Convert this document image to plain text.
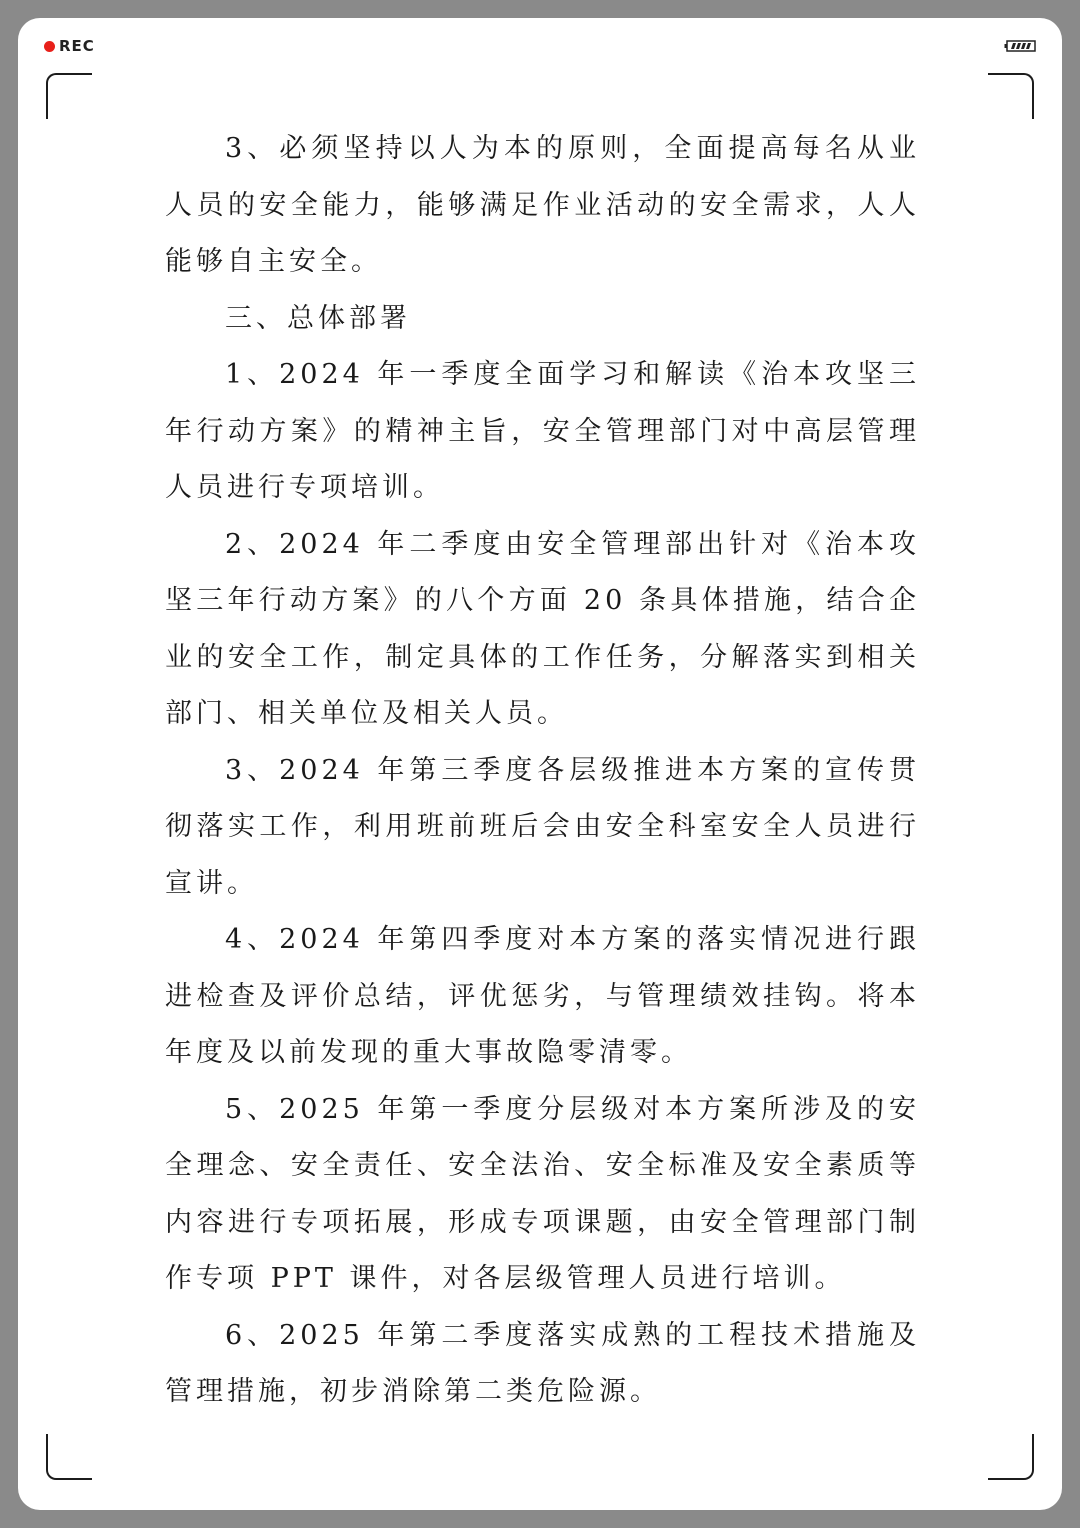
REC

3、必须坚持以人为本的原则，全面提高每名从业人员的安全能力，能够满足作业活动的安全需求，人人能够自主安全。

三、总体部署

1、2024 年一季度全面学习和解读《治本攻坚三年行动方案》的精神主旨，安全管理部门对中高层管理人员进行专项培训。

2、2024 年二季度由安全管理部出针对《治本攻坚三年行动方案》的八个方面 20 条具体措施，结合企业的安全工作，制定具体的工作任务，分解落实到相关部门、相关单位及相关人员。

3、2024 年第三季度各层级推进本方案的宣传贯彻落实工作，利用班前班后会由安全科室安全人员进行宣讲。

4、2024 年第四季度对本方案的落实情况进行跟进检查及评价总结，评优惩劣，与管理绩效挂钩。将本年度及以前发现的重大事故隐零清零。

5、2025 年第一季度分层级对本方案所涉及的安全理念、安全责任、安全法治、安全标准及安全素质等内容进行专项拓展，形成专项课题，由安全管理部门制作专项 PPT 课件，对各层级管理人员进行培训。

6、2025 年第二季度落实成熟的工程技术措施及管理措施，初步消除第二类危险源。
